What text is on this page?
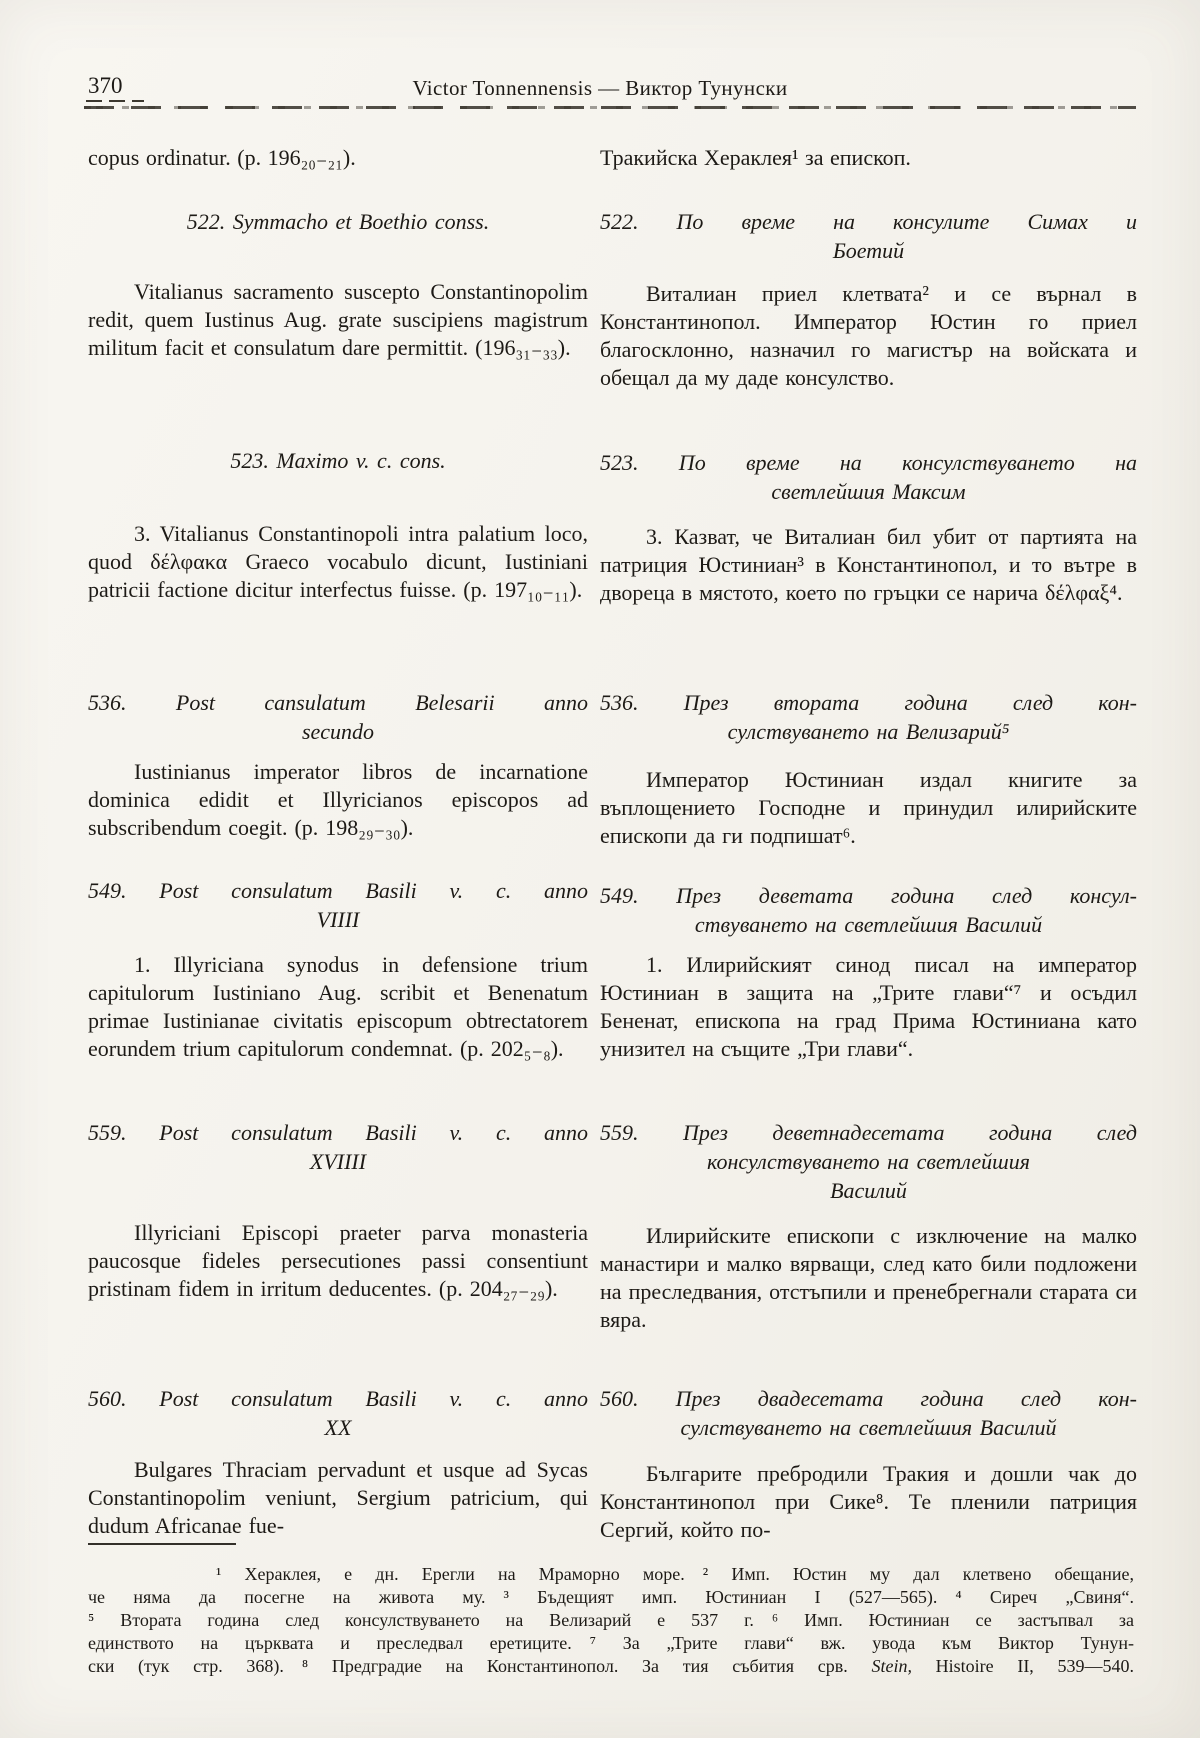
370	Victor Tonnennensis — Виктор Тунунски
copus ordinatur. (p. 196₂₀₋₂₁).
522. Symmacho et Boethio conss.
Vitalianus sacramento suscepto Constantinopolim redit, quem Iustinus Aug. grate suscipiens magistrum militum facit et consulatum dare permittit. (196₃₁₋₃₃).
523. Maximo v. c. cons.
3. Vitalianus Constantinopoli intra palatium loco, quod δέλφακα Graeco vocabulo dicunt, Iustiniani patricii factione dicitur interfectus fuisse. (p. 197₁₀₋₁₁).
536. Post cansulatum Belesarii anno
secundo
Iustinianus imperator libros de incarnatione dominica edidit et Illyricianos episcopos ad subscribendum coegit. (p. 198₂₉₋₃₀).
549. Post consulatum Basili v. c. anno
VIIII
1. Illyriciana synodus in defensione trium capitulorum Iustiniano Aug. scribit et Benenatum primae Iustinianae civitatis episcopum obtrectatorem eorundem trium capitulorum condemnat. (p. 202₅₋₈).
559. Post consulatum Basili v. c. anno
XVIIII
Illyriciani Episcopi praeter parva monasteria paucosque fideles persecutiones passi consentiunt pristinam fidem in irritum deducentes. (p. 204₂₇₋₂₉).
560. Post consulatum Basili v. c. anno
XX
Bulgares Thraciam pervadunt et usque ad Sycas Constantinopolim veniunt, Sergium patricium, qui dudum Africanae fue-
Тракийска Хераклея¹ за епископ.
522. По време на консулите Симах и
Боетий
Виталиан приел клетвата² и се върнал в Константинопол. Император Юстин го приел благосклонно, назначил го магистър на войската и обещал да му даде консулство.
523. По време на консулствуването на
светлейшия Максим
3. Казват, че Виталиан бил убит от партията на патриция Юстиниан³ в Константинопол, и то вътре в двореца в мястото, което по гръцки се нарича δέλφαξ⁴.
536. През втората година след кон-
сулствуването на Велизарий⁵
Император Юстиниан издал книгите за въплощението Господне и принудил илирийските епископи да ги подпишат⁶.
549. През деветата година след консул-
ствуването на светлейшия Василий
1. Илирийският синод писал на император Юстиниан в защита на „Трите глави“⁷ и осъдил Бененат, епископа на град Прима Юстиниана като унизител на същите „Три глави“.
559. През деветнадесетата година след
консулствуването на светлейшия
Василий
Илирийските епископи с изключение на малко манастири и малко вярващи, след като били подложени на преследвания, отстъпили и пренебрегнали старата си вяра.
560. През двадесетата година след кон-
сулствуването на светлейшия Василий
Българите пребродили Тракия и дошли чак до Константинопол при Сике⁸. Те пленили патриция Сергий, който по-
¹ Хераклея, е дн. Ерегли на Мраморно море. ² Имп. Юстин му дал клетвено обещание,
че няма да посегне на живота му. ³ Бъдещият имп. Юстиниан I (527—565). ⁴ Сиреч „Свиня“.
⁵ Втората година след консулствуването на Велизарий е 537 г. ⁶ Имп. Юстиниан се застъпвал за
единството на църквата и преследвал еретиците. ⁷ За „Трите глави“ вж. увода към Виктор Тунун-
ски (тук стр. 368). ⁸ Предградие на Константинопол. За тия събития срв. Stein, Histoire II, 539—540.
